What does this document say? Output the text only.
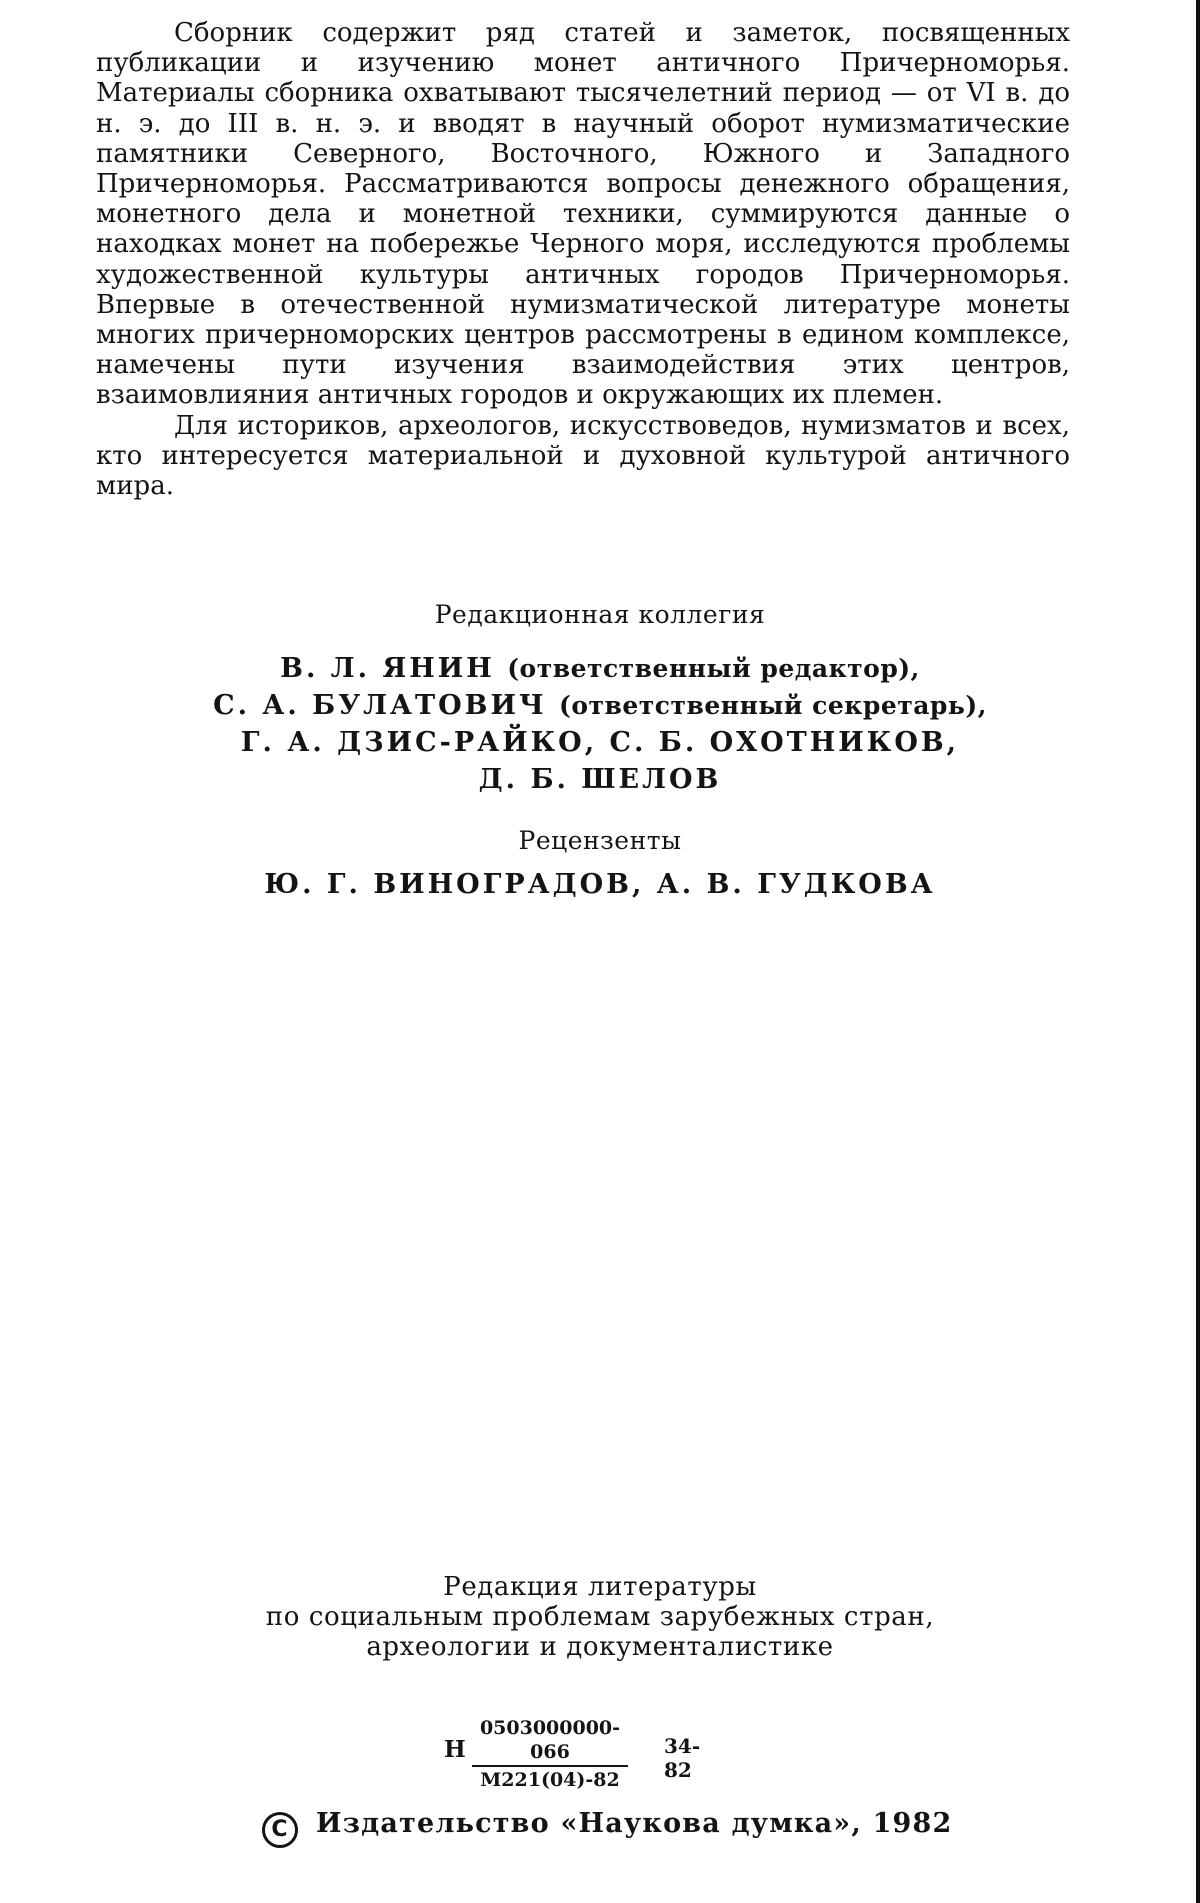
Сборник содержит ряд статей и заметок, посвященных публикации и изучению монет античного Причерноморья. Материалы сборника охватывают тысячелетний период — от VI в. до н. э. до III в. н. э. и вводят в научный оборот нумизматические памятники Северного, Восточного, Южного и Западного Причерноморья. Рассматриваются вопросы денежного обращения, монетного дела и монетной техники, суммируются данные о находках монет на побережье Черного моря, исследуются проблемы художественной культуры античных городов Причерноморья. Впервые в отечественной нумизматической литературе монеты многих причерноморских центров рассмотрены в едином комплексе, намечены пути изучения взаимодействия этих центров, взаимовлияния античных городов и окружающих их племен.

Для историков, археологов, искусствоведов, нумизматов и всех, кто интересуется материальной и духовной культурой античного мира.

Редакционная коллегия
В. Л. ЯНИН (ответственный редактор),
С. А. БУЛАТОВИЧ (ответственный секретарь),
Г. А. ДЗИС-РАЙКО, С. Б. ОХОТНИКОВ,
Д. Б. ШЕЛОВ
Рецензенты
Ю. Г. ВИНОГРАДОВ, А. В. ГУДКОВА
Редакция литературы
по социальным проблемам зарубежных стран,
археологии и документалистике
Н
0503000000-066
М221(04)-82
34-82
С Издательство «Наукова думка», 1982
